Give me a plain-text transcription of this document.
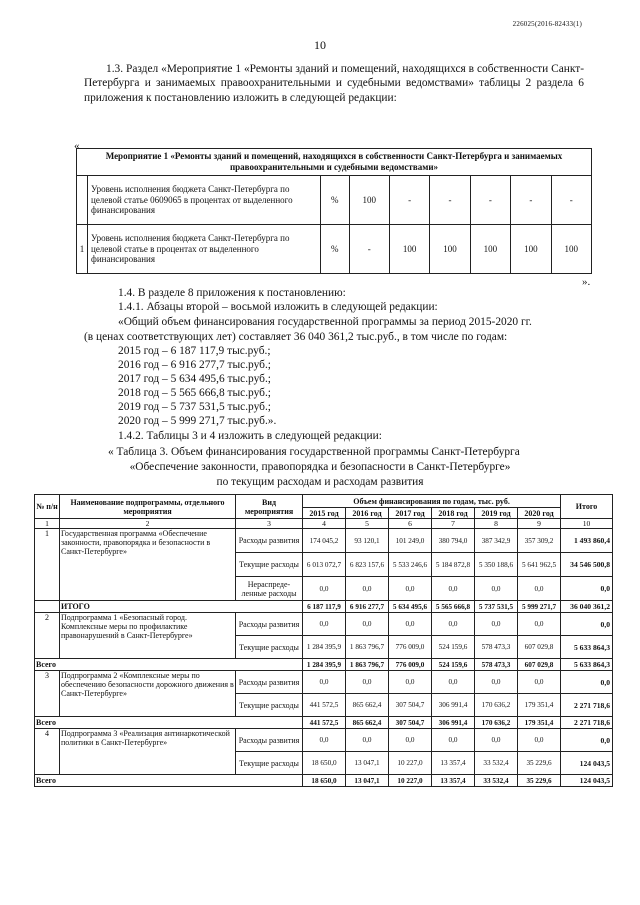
226025(2016-82433(1)
10
1.3. Раздел «Мероприятие 1 «Ремонты зданий и помещений, находящихся в собственности Санкт-Петербурга и занимаемых правоохранительными и судебными ведомствами» таблицы 2 раздела 6 приложения к постановлению изложить в следующей редакции:
«
Мероприятие 1 «Ремонты зданий и помещений, находящихся в собственности Санкт-Петербурга и занимаемых правоохранительными и судебными ведомствами»								
	Уровень исполнения бюджета Санкт-Петербурга по целевой статье 0609065 в процентах от выделенного финансирования	%	100	-	-	-	-	-
1	Уровень исполнения бюджета Санкт-Петербурга по целевой статье в процентах от выделенного финансирования	%	-	100	100	100	100	100
».
1.4. В разделе 8 приложения к постановлению:
1.4.1. Абзацы второй – восьмой изложить в следующей редакции:
«Общий объем финансирования государственной программы за период 2015-2020 гг.
(в ценах соответствующих лет) составляет 36 040 361,2 тыс.руб., в том числе по годам:
2015 год – 6 187 117,9 тыс.руб.;
2016 год – 6 916 277,7 тыс.руб.;
2017 год – 5 634 495,6 тыс.руб.;
2018 год – 5 565 666,8 тыс.руб.;
2019 год – 5 737 531,5 тыс.руб.;
2020 год – 5 999 271,7 тыс.руб.».
1.4.2. Таблицы 3 и 4 изложить в следующей редакции:
« Таблица 3. Объем финансирования государственной программы Санкт-Петербурга
«Обеспечение законности, правопорядка и безопасности в Санкт-Петербурге»
по текущим расходам и расходам развития
№ п/н	Наименование подпрограммы, отдельного мероприятия	Вид мероприятия	Объем финансирования по годам, тыс. руб.						Итого
			2015 год	2016 год	2017 год	2018 год	2019 год	2020 год	
1	2	3	4	5	6	7	8	9	10
1	Государственная программа «Обеспечение законности, правопорядка и безопасности в Санкт-Петербурге»	Расходы развития	174 045,2	93 120,1	101 249,0	380 794,0	387 342,9	357 309,2	1 493 860,4
		Текущие расходы	6 013 072,7	6 823 157,6	5 533 246,6	5 184 872,8	5 350 188,6	5 641 962,5	34 546 500,8
		Нераспреде-ленные расходы	0,0	0,0	0,0	0,0	0,0	0,0	0,0
	ИТОГО		6 187 117,9	6 916 277,7	5 634 495,6	5 565 666,8	5 737 531,5	5 999 271,7	36 040 361,2
2	Подпрограмма 1 «Безопасный город. Комплексные меры по профилактике правонарушений в Санкт-Петербурге»	Расходы развития	0,0	0,0	0,0	0,0	0,0	0,0	0,0
		Текущие расходы	1 284 395,9	1 863 796,7	776 009,0	524 159,6	578 473,3	607 029,8	5 633 864,3
Всего			1 284 395,9	1 863 796,7	776 009,0	524 159,6	578 473,3	607 029,8	5 633 864,3
3	Подпрограмма 2 «Комплексные меры по обеспечению безопасности дорожного движения в Санкт-Петербурге»	Расходы развития	0,0	0,0	0,0	0,0	0,0	0,0	0,0
		Текущие расходы	441 572,5	865 662,4	307 504,7	306 991,4	170 636,2	179 351,4	2 271 718,6
Всего			441 572,5	865 662,4	307 504,7	306 991,4	170 636,2	179 351,4	2 271 718,6
4	Подпрограмма 3 «Реализация антинаркотической политики в Санкт-Петербурге»	Расходы развития	0,0	0,0	0,0	0,0	0,0	0,0	0,0
		Текущие расходы	18 650,0	13 047,1	10 227,0	13 357,4	33 532,4	35 229,6	124 043,5
Всего			18 650,0	13 047,1	10 227,0	13 357,4	33 532,4	35 229,6	124 043,5
